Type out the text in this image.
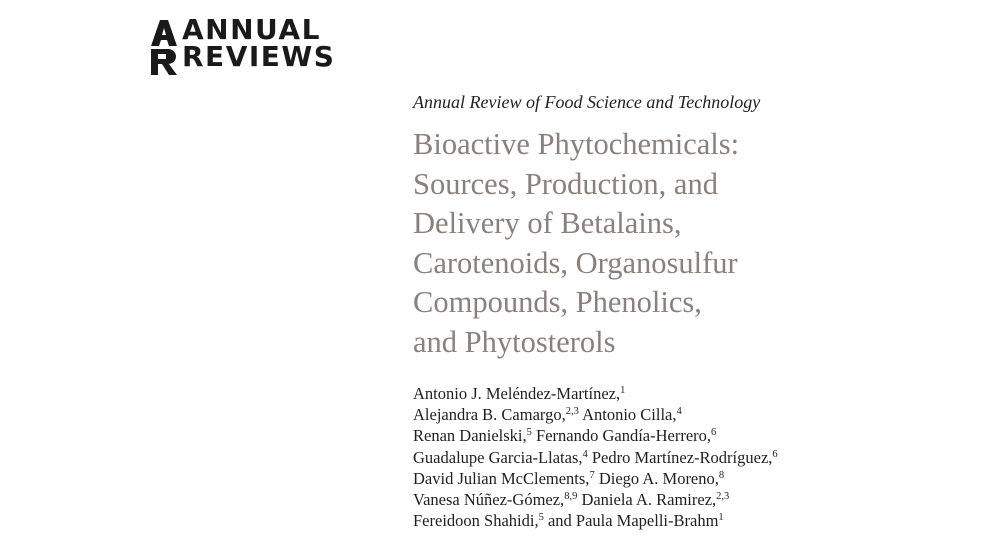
ANNUAL
REVIEWS
Annual Review of Food Science and Technology
Bioactive Phytochemicals:
Sources, Production, and
Delivery of Betalains,
Carotenoids, Organosulfur
Compounds, Phenolics,
and Phytosterols
Antonio J. Meléndez-Martínez,$^1$
Alejandra B. Camargo,$^{2,3}$ Antonio Cilla,$^4$
Renan Danielski,$^5$ Fernando Gandía-Herrero,$^6$
Guadalupe Garcia-Llatas,$^4$ Pedro Martínez-Rodríguez,$^6$
David Julian McClements,$^7$ Diego A. Moreno,$^8$
Vanesa Núñez-Gómez,$^{8,9}$ Daniela A. Ramirez,$^{2,3}$
Fereidoon Shahidi,$^5$ and Paula Mapelli-Brahm$^1$
